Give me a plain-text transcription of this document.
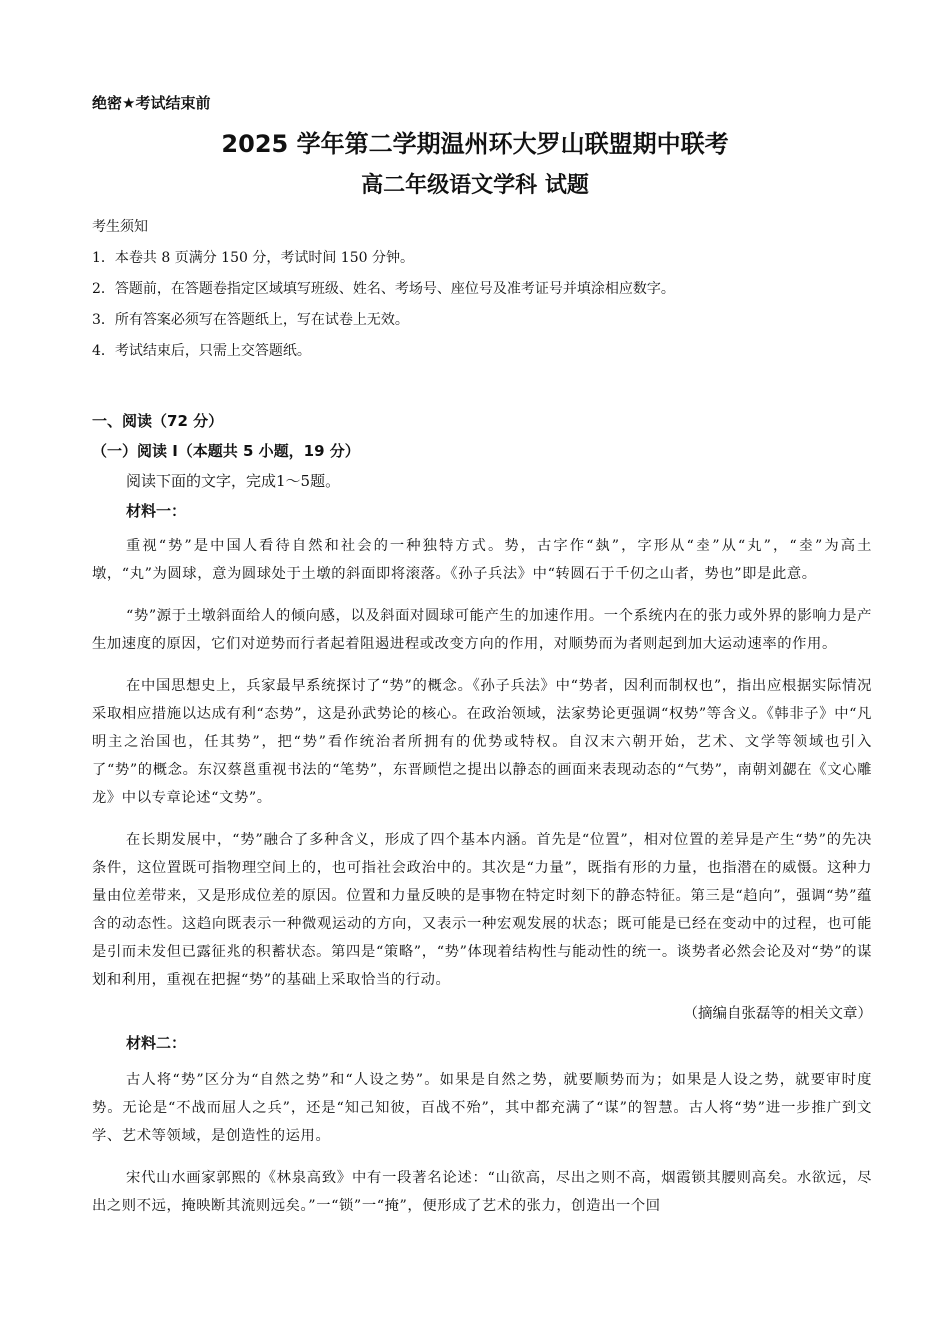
绝密★考试结束前
2025 学年第二学期温州环大罗山联盟期中联考
高二年级语文学科 试题
考生须知
1．本卷共 8 页满分 150 分，考试时间 150 分钟。
2．答题前，在答题卷指定区域填写班级、姓名、考场号、座位号及准考证号并填涂相应数字。
3．所有答案必须写在答题纸上，写在试卷上无效。
4．考试结束后，只需上交答题纸。
一、阅读（72 分）
（一）阅读 Ⅰ（本题共 5 小题，19 分）
阅读下面的文字，完成1～5题。
材料一：

重视“势”是中国人看待自然和社会的一种独特方式。势，古字作“埶”，字形从“坴”从“丸”，“坴”为高土墩，“丸”为圆球，意为圆球处于土墩的斜面即将滚落。《孙子兵法》中“转圆石于千仞之山者，势也”即是此意。

“势”源于土墩斜面给人的倾向感，以及斜面对圆球可能产生的加速作用。一个系统内在的张力或外界的影响力是产生加速度的原因，它们对逆势而行者起着阻遏进程或改变方向的作用，对顺势而为者则起到加大运动速率的作用。

在中国思想史上，兵家最早系统探讨了“势”的概念。《孙子兵法》中“势者，因利而制权也”，指出应根据实际情况采取相应措施以达成有利“态势”，这是孙武势论的核心。在政治领域，法家势论更强调“权势”等含义。《韩非子》中“凡明主之治国也，任其势”，把“势”看作统治者所拥有的优势或特权。自汉末六朝开始，艺术、文学等领域也引入了“势”的概念。东汉蔡邕重视书法的“笔势”，东晋顾恺之提出以静态的画面来表现动态的“气势”，南朝刘勰在《文心雕龙》中以专章论述“文势”。

在长期发展中，“势”融合了多种含义，形成了四个基本内涵。首先是“位置”，相对位置的差异是产生“势”的先决条件，这位置既可指物理空间上的，也可指社会政治中的。其次是“力量”，既指有形的力量，也指潜在的威慑。这种力量由位差带来，又是形成位差的原因。位置和力量反映的是事物在特定时刻下的静态特征。第三是“趋向”，强调“势”蕴含的动态性。这趋向既表示一种微观运动的方向，又表示一种宏观发展的状态；既可能是已经在变动中的过程，也可能是引而未发但已露征兆的积蓄状态。第四是“策略”，“势”体现着结构性与能动性的统一。谈势者必然会论及对“势”的谋划和利用，重视在把握“势”的基础上采取恰当的行动。

（摘编自张磊等的相关文章）
材料二：

古人将“势”区分为“自然之势”和“人设之势”。如果是自然之势，就要顺势而为；如果是人设之势，就要审时度势。无论是“不战而屈人之兵”，还是“知己知彼，百战不殆”，其中都充满了“谋”的智慧。古人将“势”进一步推广到文学、艺术等领域，是创造性的运用。

宋代山水画家郭熙的《林泉高致》中有一段著名论述：“山欲高，尽出之则不高，烟霞锁其腰则高矣。水欲远，尽出之则不远，掩映断其流则远矣。”一“锁”一“掩”，便形成了艺术的张力，创造出一个回
